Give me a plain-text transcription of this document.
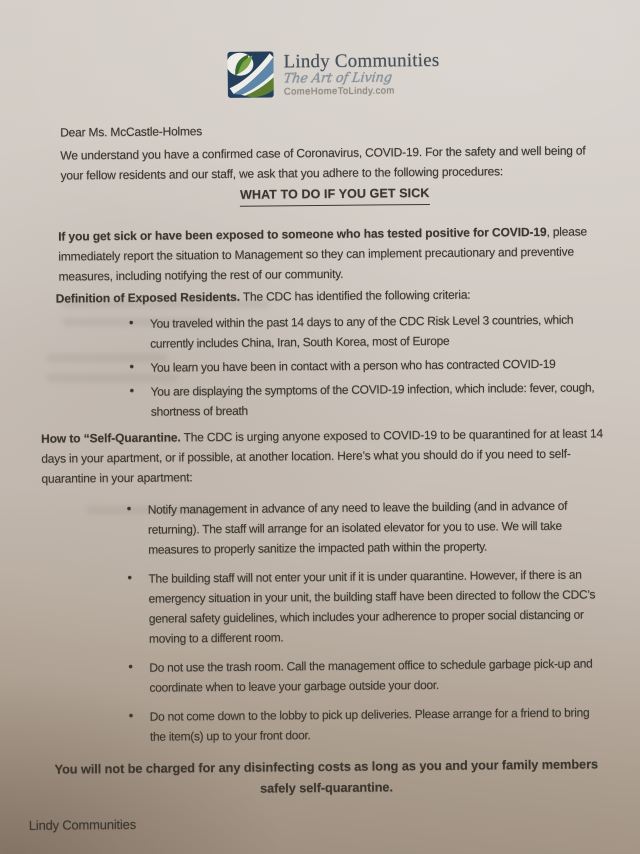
Lindy Communities
The Art of Living
ComeHomeToLindy.com
Dear Ms. McCastle-Holmes
We understand you have a confirmed case of Coronavirus, COVID-19. For the safety and well being of your fellow residents and our staff, we ask that you adhere to the following procedures:
WHAT TO DO IF YOU GET SICK
If you get sick or have been exposed to someone who has tested positive for COVID-19, please immediately report the situation to Management so they can implement precautionary and preventive measures, including notifying the rest of our community.
Definition of Exposed Residents. The CDC has identified the following criteria:
• You traveled within the past 14 days to any of the CDC Risk Level 3 countries, which currently includes China, Iran, South Korea, most of Europe
• You learn you have been in contact with a person who has contracted COVID-19
• You are displaying the symptoms of the COVID-19 infection, which include: fever, cough, shortness of breath
How to “Self-Quarantine. The CDC is urging anyone exposed to COVID-19 to be quarantined for at least 14 days in your apartment, or if possible, at another location. Here’s what you should do if you need to self-quarantine in your apartment:
• Notify management in advance of any need to leave the building (and in advance of returning). The staff will arrange for an isolated elevator for you to use. We will take measures to properly sanitize the impacted path within the property.
• The building staff will not enter your unit if it is under quarantine. However, if there is an emergency situation in your unit, the building staff have been directed to follow the CDC’s general safety guidelines, which includes your adherence to proper social distancing or moving to a different room.
• Do not use the trash room. Call the management office to schedule garbage pick-up and coordinate when to leave your garbage outside your door.
• Do not come down to the lobby to pick up deliveries. Please arrange for a friend to bring the item(s) up to your front door.
You will not be charged for any disinfecting costs as long as you and your family members safely self-quarantine.
Lindy Communities
